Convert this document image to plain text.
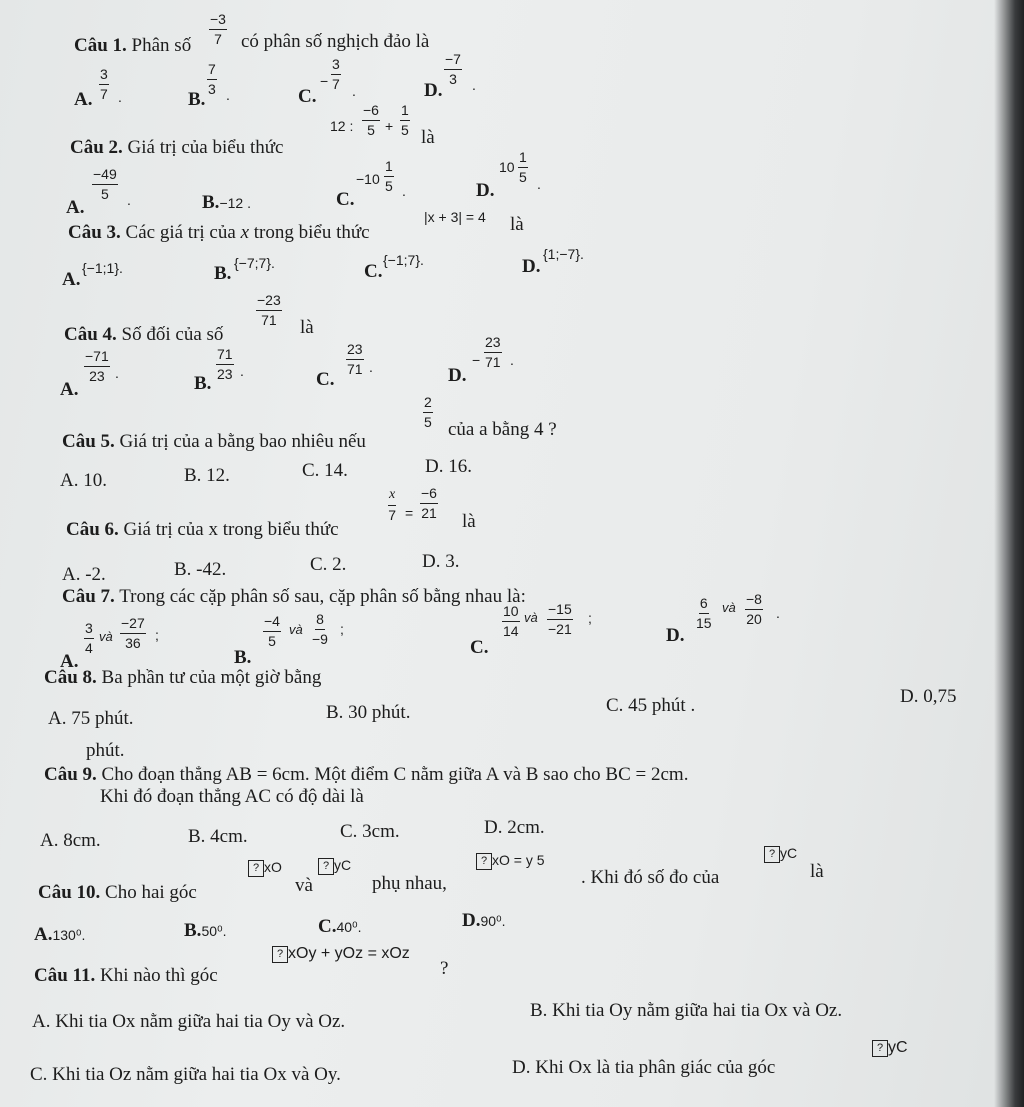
Câu 1. Phân số
−3
7 có phân số nghịch đảo là
A.
3
7 .	B.
7
3 .	C.
−
3
7 .	D.
−7
3 .
Câu 2. Giá trị của biểu thức
12 :
−6
5 +
1
5 là
A.
−49
5 .	B.−12 .	C.
−10
1
5 .	D.
10
1
5 .
Câu 3. Các giá trị của x trong biểu thức
|x + 3| = 4 là
A.
{−1;1}.	B. {−7;7}.	C.
{−1;7}.	D.
{1;−7}.
Câu 4. Số đối của số
−23
71 là
A.
−71
23 .	B.
71
23 .	C.
23
71 .	D.
−
23
71 .
Câu 5. Giá trị của a bằng bao nhiêu nếu
2
5 của a bằng 4 ?
A. 10.	B. 12.	C. 14.	D. 16.
Câu 6. Giá trị của x trong biểu thức
x
7 =
−6
21 là
A. -2.	B. -42.	C. 2.	D. 3.
Câu 7. Trong các cặp phân số sau, cặp phân số bằng nhau là:
A.
3
4
và
−27
36 ;
B.
−4
5
và
8
−9
;
C.
10
14
và
−15
−21
;
D.
6
15
và
−8
20 .
Câu 8. Ba phần tư của một giờ bằng
A. 75 phút.	B. 30 phút.	C. 45 phút .	D. 0,75
phút.
Câu 9. Cho đoạn thẳng AB = 6cm. Một điểm C nằm giữa A và B sao cho BC = 2cm.
Khi đó đoạn thẳng AC có độ dài là
A. 8cm.	B. 4cm.	C. 3cm.	D. 2cm.
Câu 10. Cho hai góc
? xO
và
? yC
phụ nhau,
? xO = y 5
. Khi đó số đo của
? yC
là
A.130⁰.	B.50⁰.	C.40⁰.	D.90⁰.
Câu 11. Khi nào thì góc
? xOy + yOz = xOz
?
A. Khi tia Ox nằm giữa hai tia Oy và Oz.
B. Khi tia Oy nằm giữa hai tia Ox và Oz.
C. Khi tia Oz nằm giữa hai tia Ox và Oy.	D. Khi Ox là tia phân giác của góc
? yC
